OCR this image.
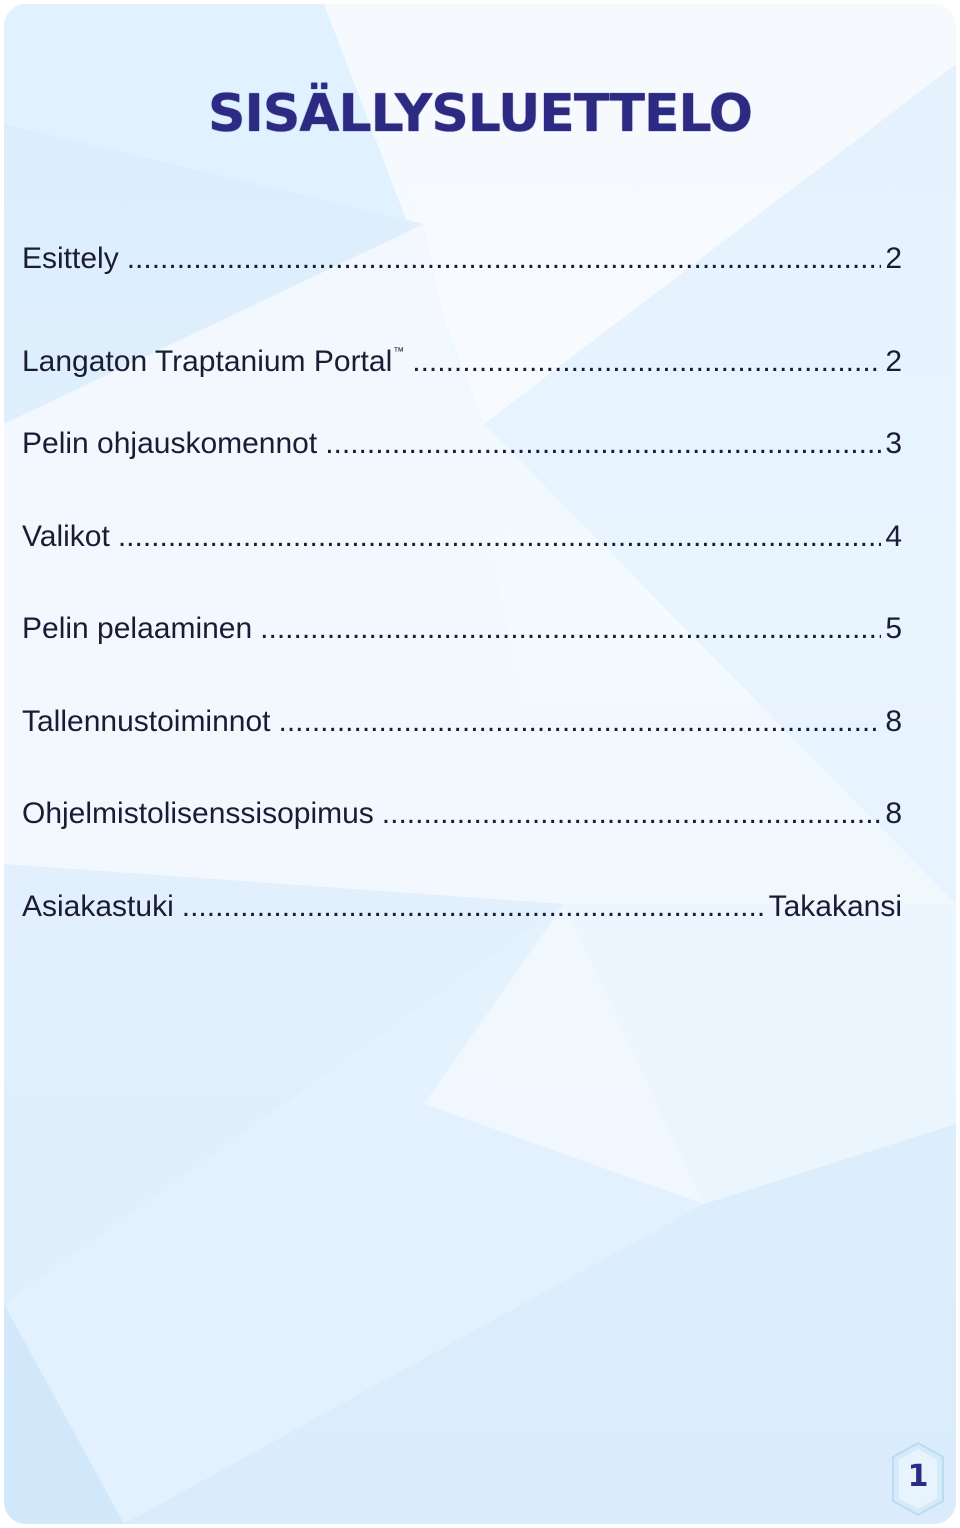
SISÄLLYSLUETTELO
Esittely .....	2
Langaton Traptanium Portal™ .....	2
Pelin ohjauskomennot .....	3
Valikot .....	4
Pelin pelaaminen .....	5
Tallennustoiminnot .....	8
Ohjelmistolisenssisopimus .....	8
Asiakastuki .....	Takakansi
1
